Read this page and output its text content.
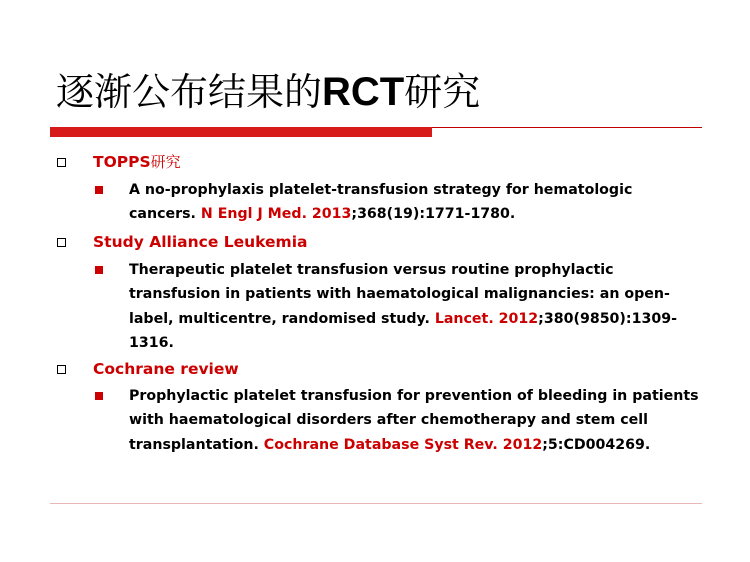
逐渐公布结果的RCT研究
TOPPS研究
A no-prophylaxis platelet-transfusion strategy for hematologic cancers. N Engl J Med. 2013;368(19):1771-1780.
Study Alliance Leukemia
Therapeutic platelet transfusion versus routine prophylactic transfusion in patients with haematological malignancies: an open-label, multicentre, randomised study. Lancet. 2012;380(9850):1309-1316.
Cochrane review
Prophylactic platelet transfusion for prevention of bleeding in patients with haematological disorders after chemotherapy and stem cell transplantation. Cochrane Database Syst Rev. 2012;5:CD004269.
